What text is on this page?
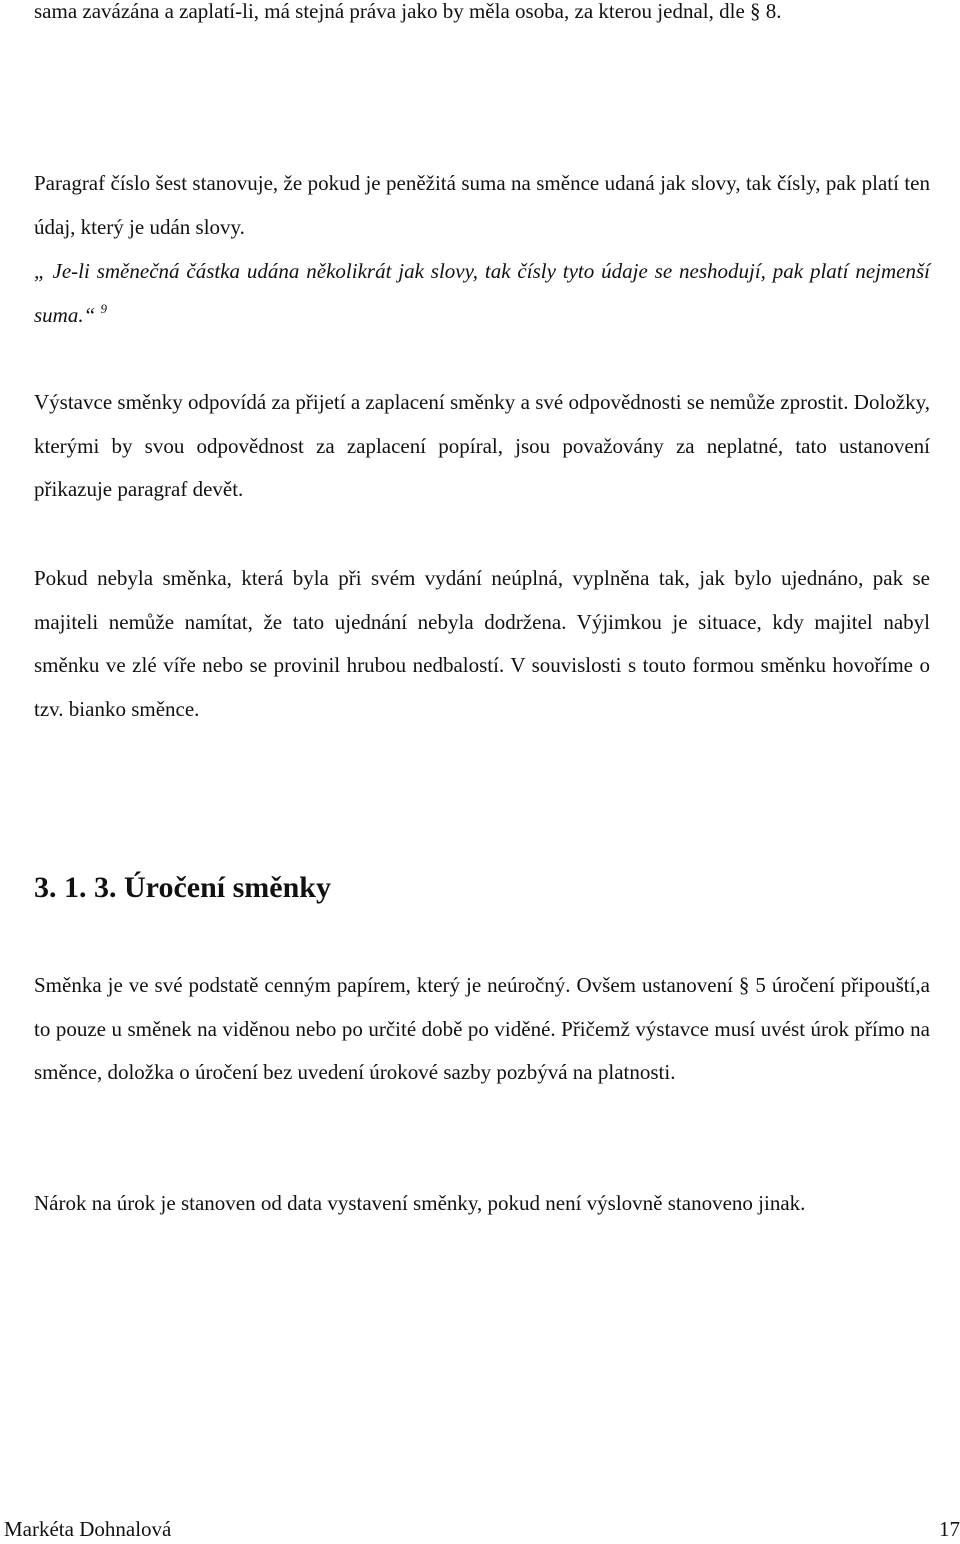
sama zavázána a zaplatí-li, má stejná práva jako by měla osoba, za kterou jednal, dle § 8.

Paragraf číslo šest stanovuje, že pokud je peněžitá suma na směnce udaná jak slovy, tak čísly, pak platí ten údaj, který je udán slovy.

„ Je-li směnečná částka udána několikrát jak slovy, tak čísly tyto údaje se neshodují, pak platí nejmenší suma.“ $^9$

Výstavce směnky odpovídá za přijetí a zaplacení směnky a své odpovědnosti se nemůže zprostit. Doložky, kterými by svou odpovědnost za zaplacení popíral, jsou považovány za neplatné, tato ustanovení přikazuje paragraf devět.

Pokud nebyla směnka, která byla při svém vydání neúplná, vyplněna tak, jak bylo ujednáno, pak se majiteli nemůže namítat, že tato ujednání nebyla dodržena. Výjimkou je situace, kdy majitel nabyl směnku ve zlé víře nebo se provinil hrubou nedbalostí. V souvislosti s touto formou směnku hovoříme o tzv. bianko směnce.

3. 1. 3. Úročení směnky

Směnka je ve své podstatě cenným papírem, který je neúročný. Ovšem ustanovení § 5 úročení připouští,a to pouze u směnek na viděnou nebo po určité době po viděné. Přičemž výstavce musí uvést úrok přímo na směnce, doložka o úročení bez uvedení úrokové sazby pozbývá na platnosti.

Nárok na úrok je stanoven od data vystavení směnky, pokud není výslovně stanoveno jinak.

Markéta Dohnalová	17
